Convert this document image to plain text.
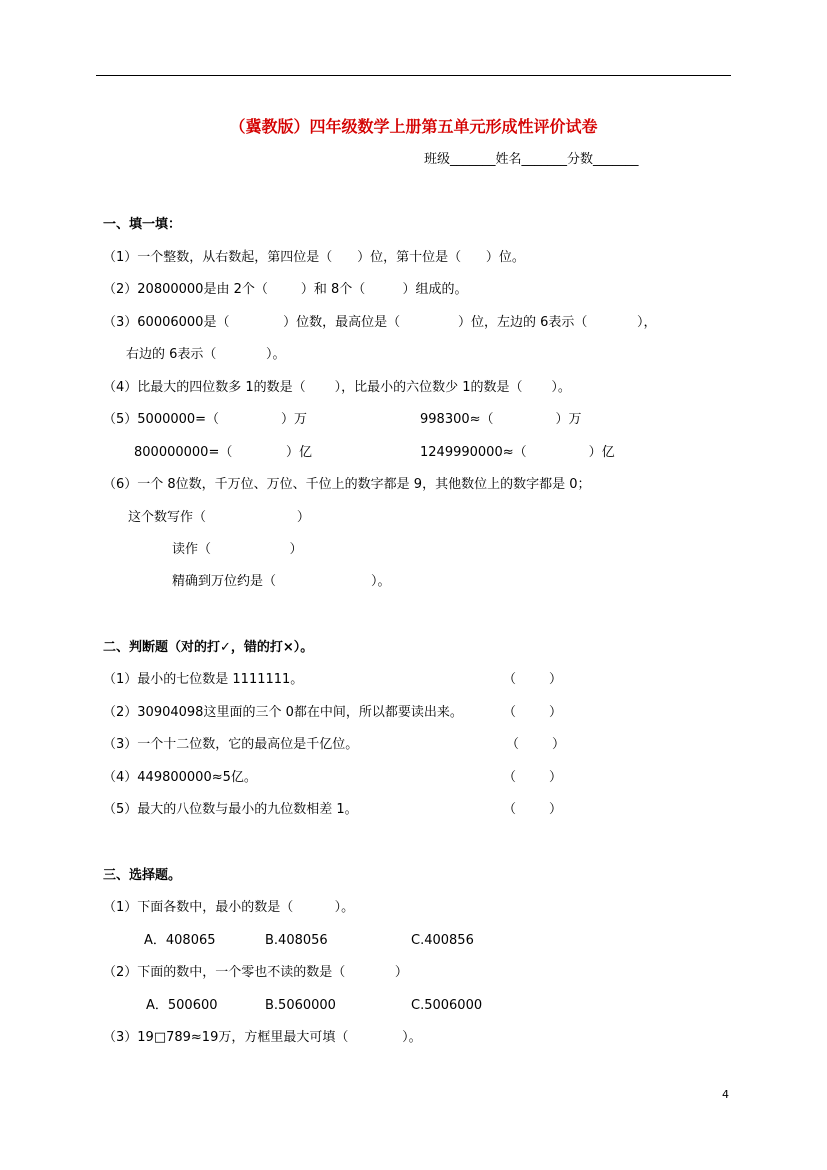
（冀教版）四年级数学上册第五单元形成性评价试卷
班级_______姓名_______分数_______
一、填一填：
（1）一个整数，从右数起，第四位是（      ）位，第十位是（      ）位。
（2）20800000是由 2个（        ）和 8个（         ）组成的。
（3）60006000是（             ）位数，最高位是（              ）位，左边的 6表示（            ），
右边的 6表示（            ）。
（4）比最大的四位数多 1的数是（       ），比最小的六位数少 1的数是（       ）。
（5）5000000=（               ）万	998300≈（               ）万
800000000=（             ）亿	1249990000≈（               ）亿
（6）一个 8位数，千万位、万位、千位上的数字都是 9，其他数位上的数字都是 0；
这个数写作（                      ）
读作（                   ）
精确到万位约是（                       ）。
二、判断题（对的打✓，错的打×）。
（1）最小的七位数是 1111111。	（        ）
（2）30904098这里面的三个 0都在中间，所以都要读出来。	（        ）
（3）一个十二位数，它的最高位是千亿位。	（        ）
（4）449800000≈5亿。	（        ）
（5）最大的八位数与最小的九位数相差 1。	（        ）
三、选择题。
（1）下面各数中，最小的数是（          ）。
A．408065	B.408056	C.400856
（2）下面的数中，一个零也不读的数是（            ）
A．500600	B.5060000	C.5006000
（3）19□789≈19万，方框里最大可填（             ）。
4
